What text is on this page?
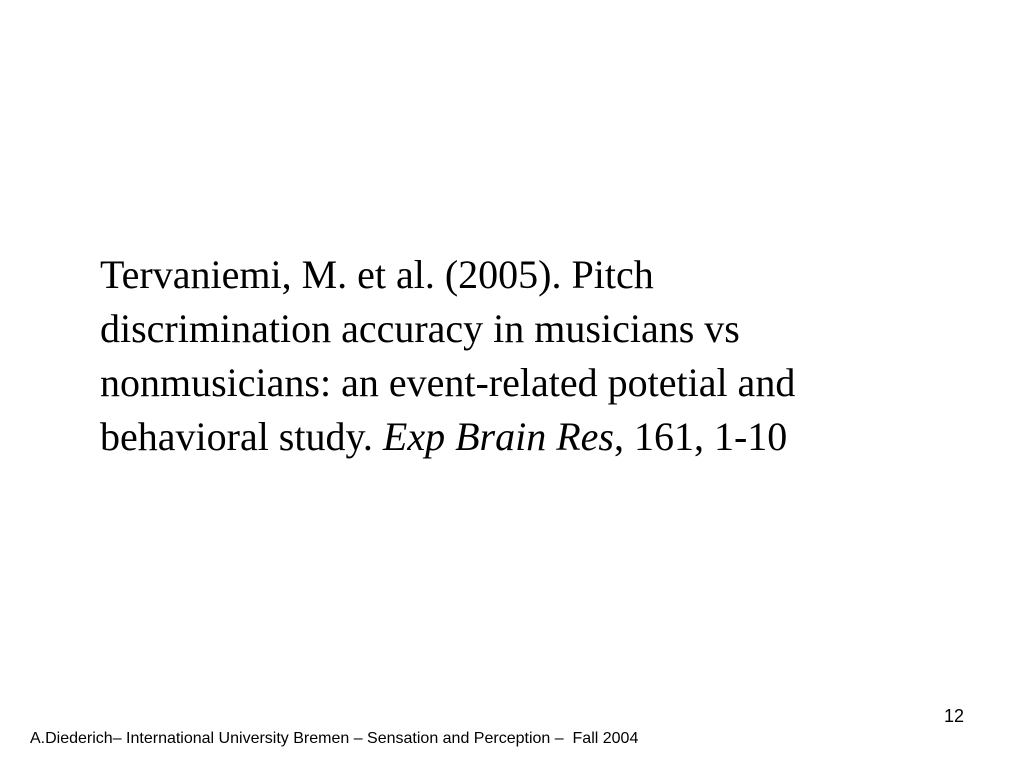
Tervaniemi, M. et al. (2005). Pitch
discrimination accuracy in musicians vs
nonmusicians: an event-related potetial and
behavioral study. Exp Brain Res, 161, 1-10

12
A.Diederich– International University Bremen – Sensation and Perception –  Fall 2004
